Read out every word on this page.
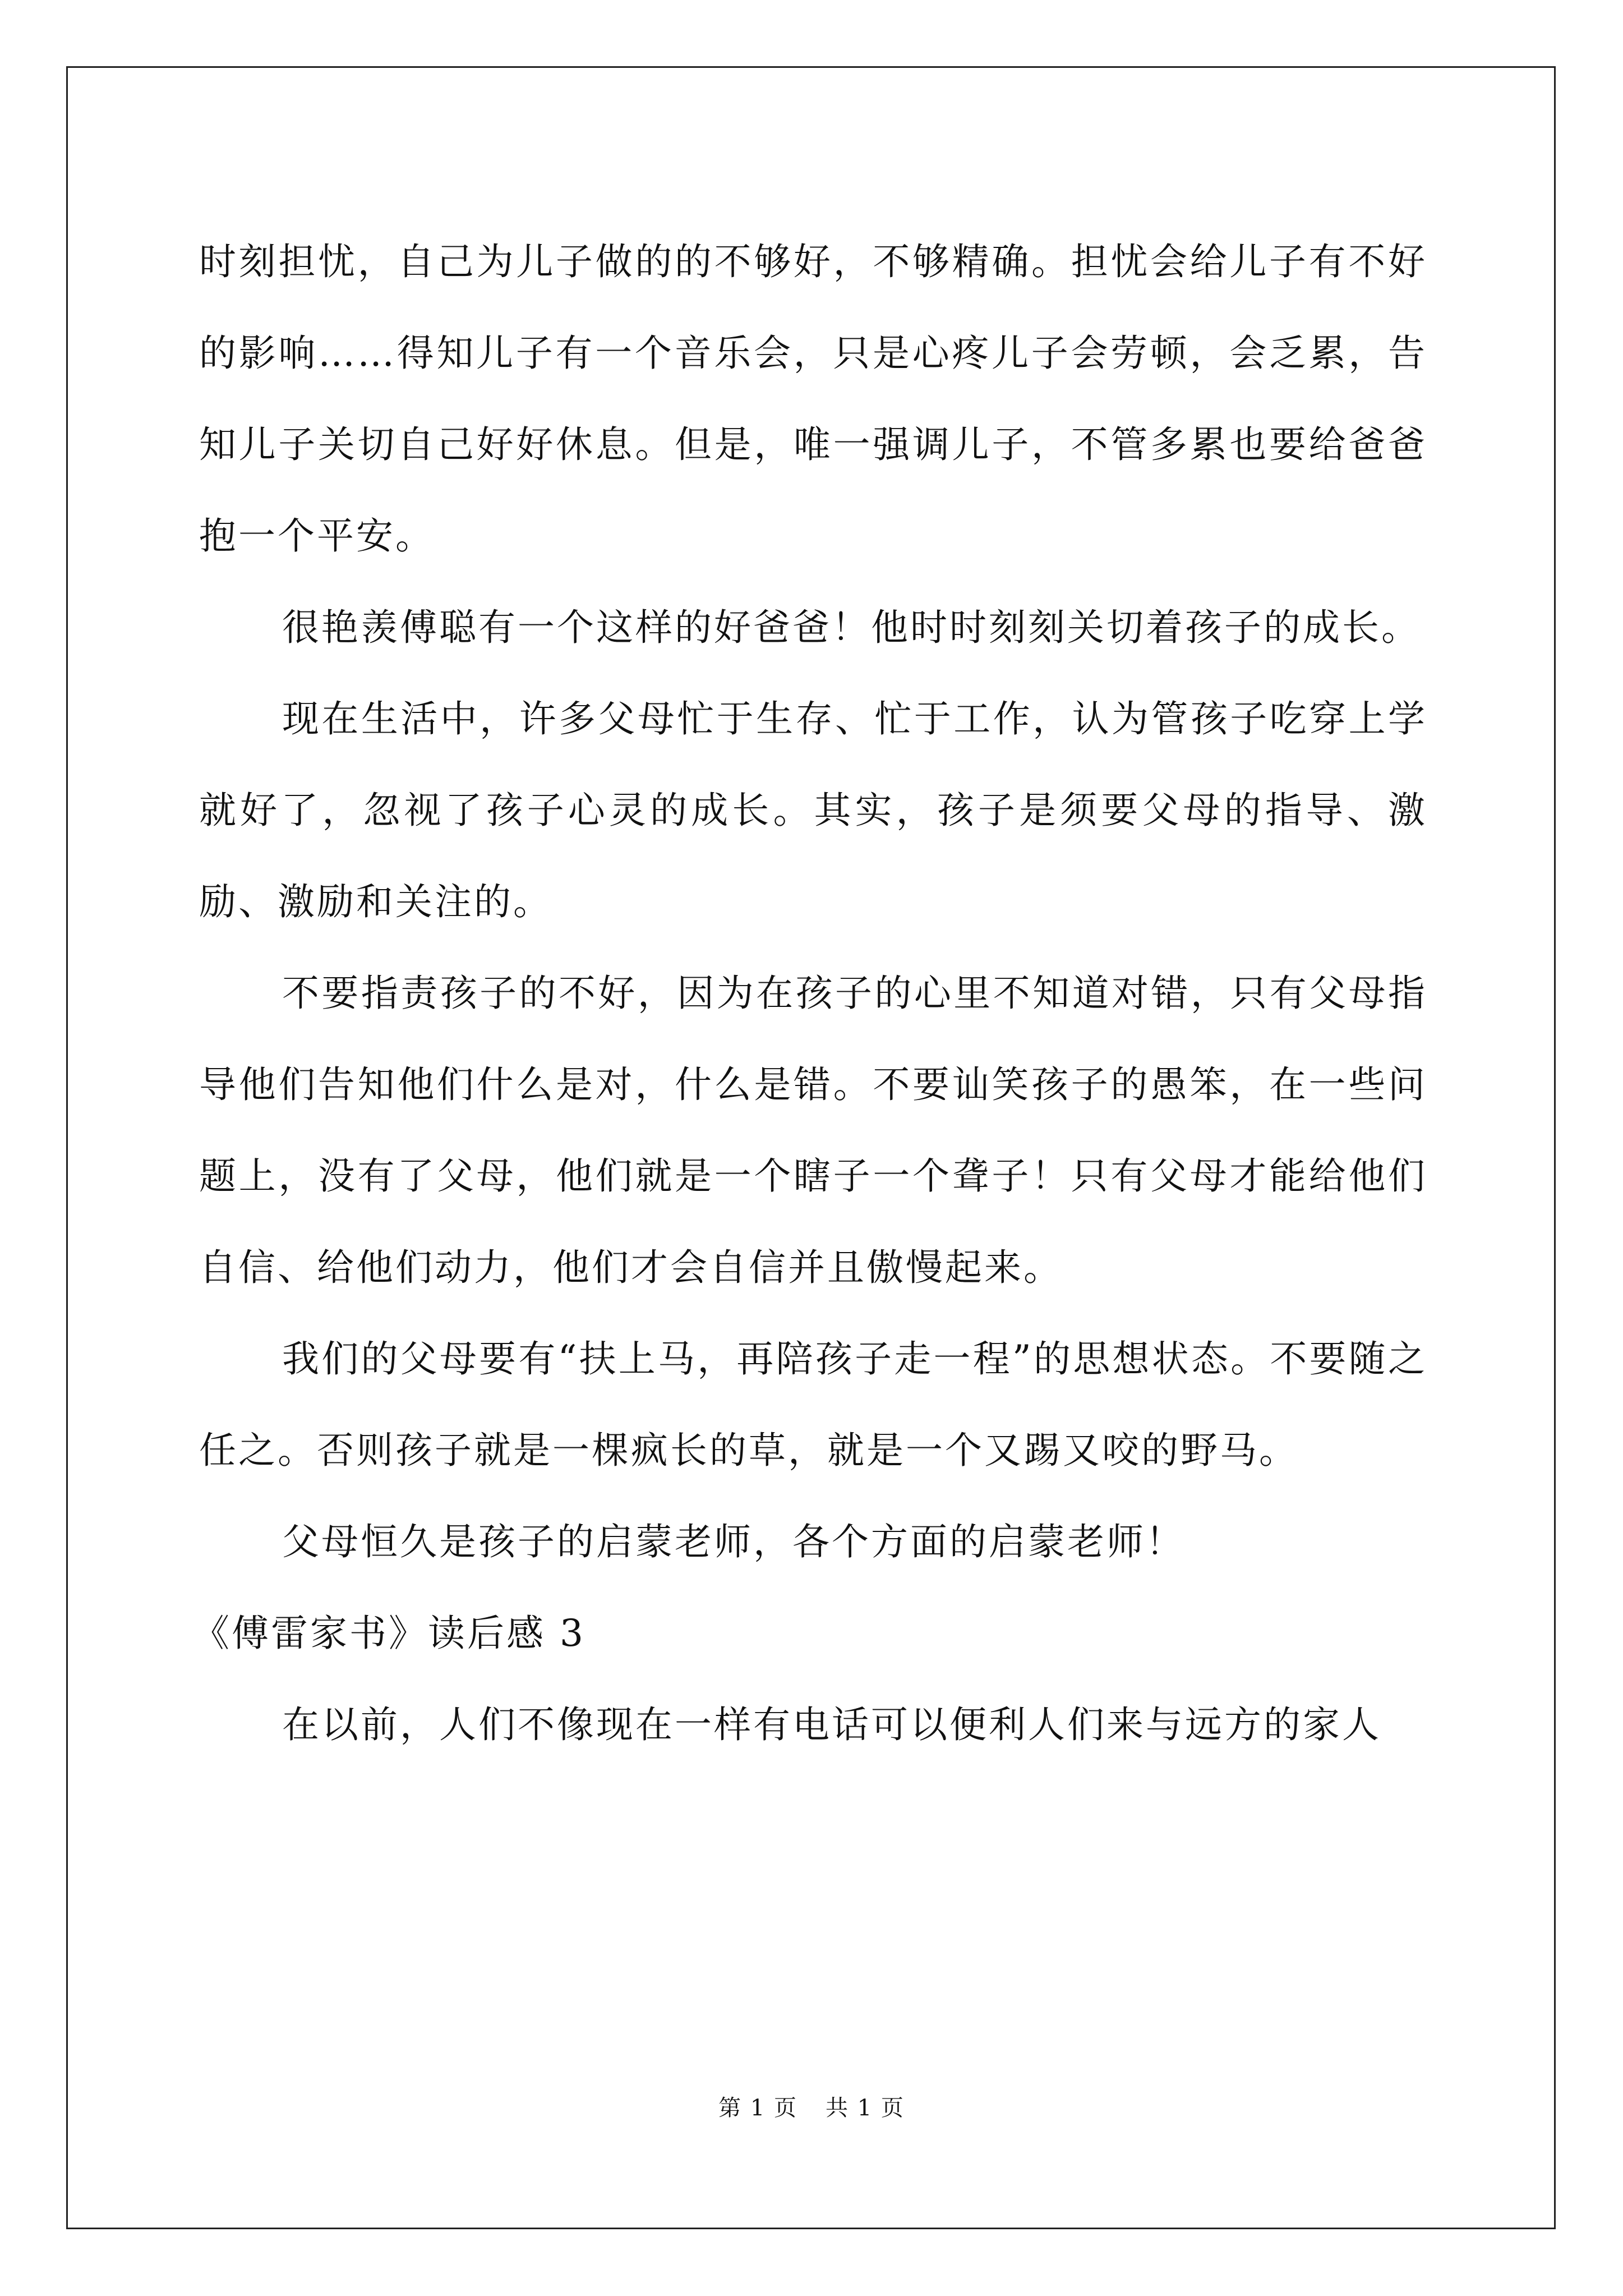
时刻担忧，自己为儿子做的的不够好，不够精确。担忧会给儿子有不好的影响……得知儿子有一个音乐会，只是心疼儿子会劳顿，会乏累，告知儿子关切自己好好休息。但是，唯一强调儿子，不管多累也要给爸爸抱一个平安。

很艳羡傅聪有一个这样的好爸爸！他时时刻刻关切着孩子的成长。

现在生活中，许多父母忙于生存、忙于工作，认为管孩子吃穿上学就好了，忽视了孩子心灵的成长。其实，孩子是须要父母的指导、激励、激励和关注的。

不要指责孩子的不好，因为在孩子的心里不知道对错，只有父母指导他们告知他们什么是对，什么是错。不要讪笑孩子的愚笨，在一些问题上，没有了父母，他们就是一个瞎子一个聋子！只有父母才能给他们自信、给他们动力，他们才会自信并且傲慢起来。

我们的父母要有“扶上马，再陪孩子走一程”的思想状态。不要随之任之。否则孩子就是一棵疯长的草，就是一个又踢又咬的野马。

父母恒久是孩子的启蒙老师，各个方面的启蒙老师！

《傅雷家书》读后感 3

在以前，人们不像现在一样有电话可以便利人们来与远方的家人

第 1 页 共 1 页
